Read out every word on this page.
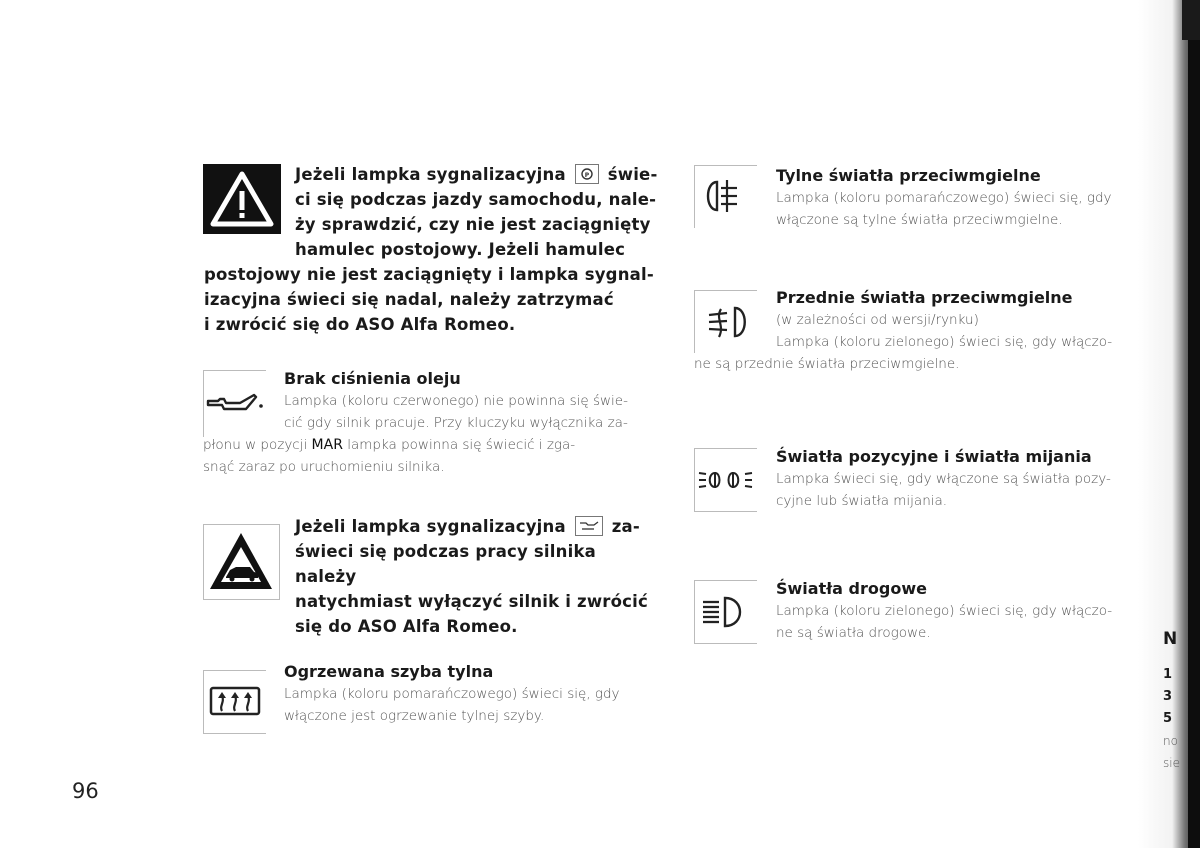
Jeżeli lampka sygnalizacyjna	P świe-
ci się podczas jazdy samochodu, nale-
ży sprawdzić, czy nie jest zaciągnięty
hamulec postojowy. Jeżeli hamulec
postojowy nie jest zaciągnięty i lampka sygnal-
izacyjna świeci się nadal, należy zatrzymać
i zwrócić się do ASO Alfa Romeo.
Brak ciśnienia oleju
Lampka (koloru czerwonego) nie powinna się świe-
cić gdy silnik pracuje. Przy kluczyku wyłącznika za-
płonu w pozycji MAR lampka powinna się świecić i zga-
snąć zaraz po uruchomieniu silnika.
Jeżeli lampka sygnalizacyjna	za-
świeci się podczas pracy silnika należy
natychmiast wyłączyć silnik i zwrócić
się do ASO Alfa Romeo.
Ogrzewana szyba tylna
Lampka (koloru pomarańczowego) świeci się, gdy
włączone jest ogrzewanie tylnej szyby.
96
Tylne światła przeciwmgielne
Lampka (koloru pomarańczowego) świeci się, gdy
włączone są tylne światła przeciwmgielne.
Przednie światła przeciwmgielne
(w zależności od wersji/rynku)
Lampka (koloru zielonego) świeci się, gdy włączo-
ne są przednie światła przeciwmgielne.
Światła pozycyjne i światła mijania
Lampka świeci się, gdy włączone są światła pozy-
cyjne lub światła mijania.
Światła drogowe
Lampka (koloru zielonego) świeci się, gdy włączo-
ne są światła drogowe.	N
1
3
5
no
sie
